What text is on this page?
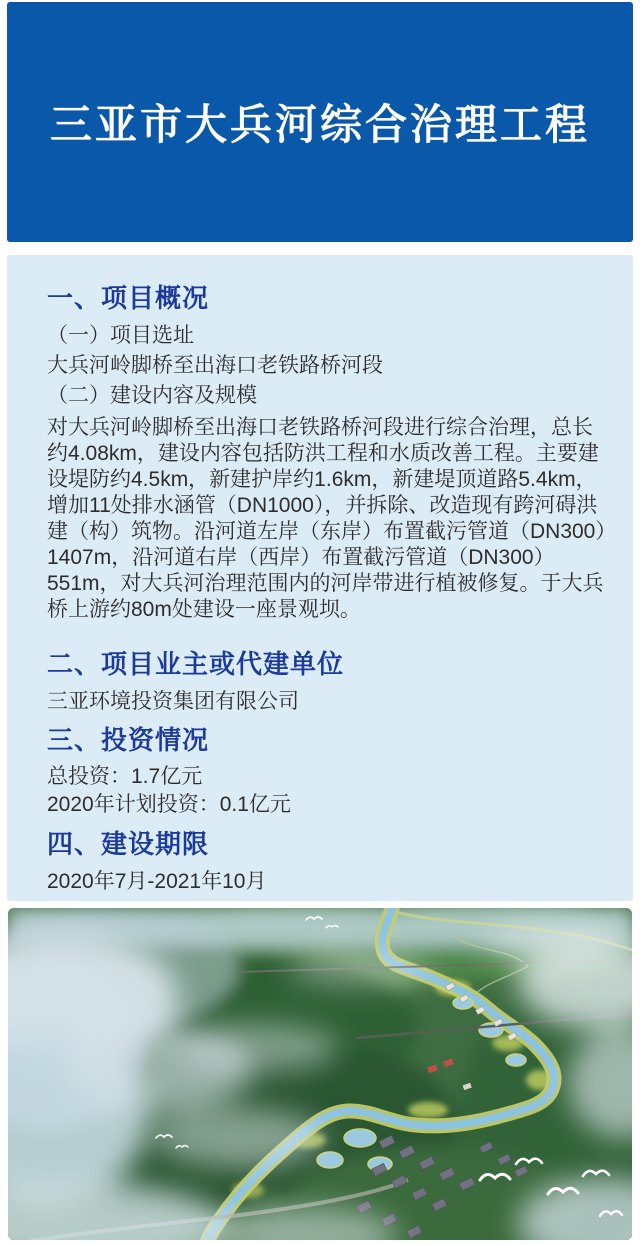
三亚市大兵河综合治理工程
一、项目概况

（一）项目选址

大兵河岭脚桥至出海口老铁路桥河段

（二）建设内容及规模

对大兵河岭脚桥至出海口老铁路桥河段进行综合治理，总长约4.08km，建设内容包括防洪工程和水质改善工程。主要建设堤防约4.5km，新建护岸约1.6km，新建堤顶道路5.4km，增加11处排水涵管（DN1000），并拆除、改造现有跨河碍洪建（构）筑物。沿河道左岸（东岸）布置截污管道（DN300）1407m，沿河道右岸（西岸）布置截污管道（DN300）551m，对大兵河治理范围内的河岸带进行植被修复。于大兵桥上游约80m处建设一座景观坝。

二、项目业主或代建单位

三亚环境投资集团有限公司

三、投资情况

总投资：1.7亿元

2020年计划投资：0.1亿元

四、建设期限

2020年7月-2021年10月
